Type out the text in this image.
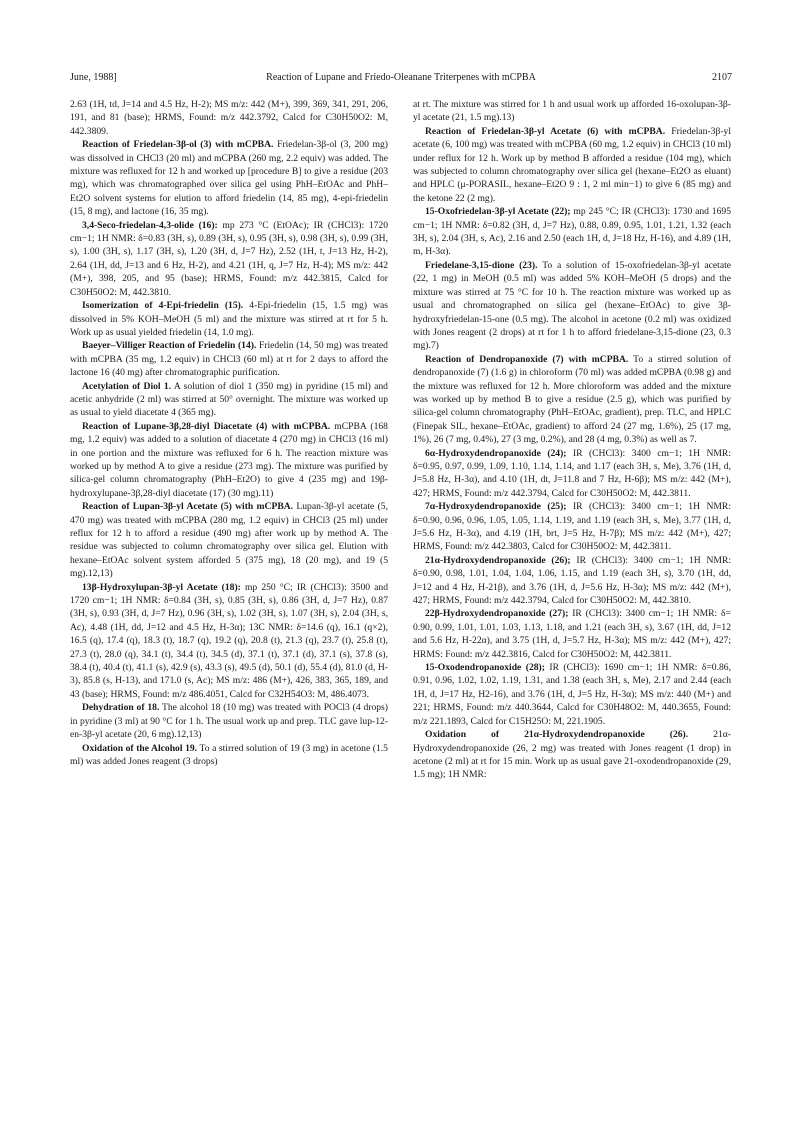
June, 1988]	Reaction of Lupane and Friedo-Oleanane Triterpenes with mCPBA	2107

2.63 (1H, td, J=14 and 4.5 Hz, H-2); MS m/z: 442 (M+), 399, 369, 341, 291, 206, 191, and 81 (base); HRMS, Found: m/z 442.3792, Calcd for C30H50O2: M, 442.3809.

Reaction of Friedelan-3β-ol (3) with mCPBA. Friedelan-3β-ol (3, 200 mg) was dissolved in CHCl3 (20 ml) and mCPBA (260 mg, 2.2 equiv) was added. The mixture was refluxed for 12 h and worked up [procedure B] to give a residue (203 mg), which was chromatographed over silica gel using PhH–EtOAc and PhH–Et2O solvent systems for elution to afford friedelin (14, 85 mg), 4-epi-friedelin (15, 8 mg), and lactone (16, 35 mg).

3,4-Seco-friedelan-4,3-olide (16): mp 273 °C (EtOAc); IR (CHCl3): 1720 cm−1; 1H NMR: δ=0.83 (3H, s), 0.89 (3H, s), 0.95 (3H, s), 0.98 (3H, s), 0.99 (3H, s), 1.00 (3H, s), 1.17 (3H, s), 1.20 (3H, d, J=7 Hz), 2.52 (1H, t, J=13 Hz, H-2), 2.64 (1H, dd, J=13 and 6 Hz, H-2), and 4.21 (1H, q, J=7 Hz, H-4); MS m/z: 442 (M+), 398, 205, and 95 (base); HRMS, Found: m/z 442.3815, Calcd for C30H50O2: M, 442.3810.

Isomerization of 4-Epi-friedelin (15). 4-Epi-friedelin (15, 1.5 mg) was dissolved in 5% KOH–MeOH (5 ml) and the mixture was stirred at rt for 5 h. Work up as usual yielded friedelin (14, 1.0 mg).

Baeyer–Villiger Reaction of Friedelin (14). Friedelin (14, 50 mg) was treated with mCPBA (35 mg, 1.2 equiv) in CHCl3 (60 ml) at rt for 2 days to afford the lactone 16 (40 mg) after chromatographic purification.

Acetylation of Diol 1. A solution of diol 1 (350 mg) in pyridine (15 ml) and acetic anhydride (2 ml) was stirred at 50° overnight. The mixture was worked up as usual to yield diacetate 4 (365 mg).

Reaction of Lupane-3β,28-diyl Diacetate (4) with mCPBA. mCPBA (168 mg, 1.2 equiv) was added to a solution of diacetate 4 (270 mg) in CHCl3 (16 ml) in one portion and the mixture was refluxed for 6 h. The reaction mixture was worked up by method A to give a residue (273 mg). The mixture was purified by silica-gel column chromatography (PhH–Et2O) to give 4 (235 mg) and 19β-hydroxylupane-3β,28-diyl diacetate (17) (30 mg).11)

Reaction of Lupan-3β-yl Acetate (5) with mCPBA. Lupan-3β-yl acetate (5, 470 mg) was treated with mCPBA (280 mg, 1.2 equiv) in CHCl3 (25 ml) under reflux for 12 h to afford a residue (490 mg) after work up by method A. The residue was subjected to column chromatography over silica gel. Elution with hexane–EtOAc solvent system afforded 5 (375 mg), 18 (20 mg), and 19 (5 mg).12,13)

13β-Hydroxylupan-3β-yl Acetate (18): mp 250 °C; IR (CHCl3): 3500 and 1720 cm−1; 1H NMR: δ=0.84 (3H, s), 0.85 (3H, s), 0.86 (3H, d, J=7 Hz), 0.87 (3H, s), 0.93 (3H, d, J=7 Hz), 0.96 (3H, s), 1.02 (3H, s), 1.07 (3H, s), 2.04 (3H, s, Ac), 4.48 (1H, dd, J=12 and 4.5 Hz, H-3α); 13C NMR: δ=14.6 (q), 16.1 (q×2), 16.5 (q), 17.4 (q), 18.3 (t), 18.7 (q), 19.2 (q), 20.8 (t), 21.3 (q), 23.7 (t), 25.8 (t), 27.3 (t), 28.0 (q), 34.1 (t), 34.4 (t), 34.5 (d), 37.1 (t), 37.1 (d), 37.1 (s), 37.8 (s), 38.4 (t), 40.4 (t), 41.1 (s), 42.9 (s), 43.3 (s), 49.5 (d), 50.1 (d), 55.4 (d), 81.0 (d, H-3), 85.8 (s, H-13), and 171.0 (s, Ac); MS m/z: 486 (M+), 426, 383, 365, 189, and 43 (base); HRMS, Found: m/z 486.4051, Calcd for C32H54O3: M, 486.4073.

Dehydration of 18. The alcohol 18 (10 mg) was treated with POCl3 (4 drops) in pyridine (3 ml) at 90 °C for 1 h. The usual work up and prep. TLC gave lup-12-en-3β-yl acetate (20, 6 mg).12,13)

Oxidation of the Alcohol 19. To a stirred solution of 19 (3 mg) in acetone (1.5 ml) was added Jones reagent (3 drops)

at rt. The mixture was stirred for 1 h and usual work up afforded 16-oxolupan-3β-yl acetate (21, 1.5 mg).13)

Reaction of Friedelan-3β-yl Acetate (6) with mCPBA. Friedelan-3β-yl acetate (6, 100 mg) was treated with mCPBA (60 mg, 1.2 equiv) in CHCl3 (10 ml) under reflux for 12 h. Work up by method B afforded a residue (104 mg), which was subjected to column chromatography over silica gel (hexane–Et2O as eluant) and HPLC (μ-PORASIL, hexane–Et2O 9 : 1, 2 ml min−1) to give 6 (85 mg) and the ketone 22 (2 mg).

15-Oxofriedelan-3β-yl Acetate (22); mp 245 °C; IR (CHCl3): 1730 and 1695 cm−1; 1H NMR: δ=0.82 (3H, d, J=7 Hz), 0.88, 0.89, 0.95, 1.01, 1.21, 1.32 (each 3H, s), 2.04 (3H, s, Ac), 2.16 and 2.50 (each 1H, d, J=18 Hz, H-16), and 4.89 (1H, m, H-3α).

Friedelane-3,15-dione (23). To a solution of 15-oxofriedelan-3β-yl acetate (22, 1 mg) in MeOH (0.5 ml) was added 5% KOH–MeOH (5 drops) and the mixture was stirred at 75 °C for 10 h. The reaction mixture was worked up as usual and chromatographed on silica gel (hexane–EtOAc) to give 3β-hydroxyfriedelan-15-one (0.5 mg). The alcohol in acetone (0.2 ml) was oxidized with Jones reagent (2 drops) at rt for 1 h to afford friedelane-3,15-dione (23, 0.3 mg).7)

Reaction of Dendropanoxide (7) with mCPBA. To a stirred solution of dendropanoxide (7) (1.6 g) in chloroform (70 ml) was added mCPBA (0.98 g) and the mixture was refluxed for 12 h. More chloroform was added and the mixture was worked up by method B to give a residue (2.5 g), which was purified by silica-gel column chromatography (PhH–EtOAc, gradient), prep. TLC, and HPLC (Finepak SIL, hexane–EtOAc, gradient) to afford 24 (27 mg, 1.6%), 25 (17 mg, 1%), 26 (7 mg, 0.4%), 27 (3 mg, 0.2%), and 28 (4 mg, 0.3%) as well as 7.

6α-Hydroxydendropanoxide (24); IR (CHCl3): 3400 cm−1; 1H NMR: δ=0.95, 0.97, 0.99, 1.09, 1.10, 1.14, 1.14, and 1.17 (each 3H, s, Me), 3.76 (1H, d, J=5.8 Hz, H-3α), and 4.10 (1H, dt, J=11.8 and 7 Hz, H-6β); MS m/z: 442 (M+), 427; HRMS, Found: m/z 442.3794, Calcd for C30H50O2: M, 442.3811.

7α-Hydroxydendropanoxide (25); IR (CHCl3): 3400 cm−1; 1H NMR: δ=0.90, 0.96, 0.96, 1.05, 1.05, 1.14, 1.19, and 1.19 (each 3H, s, Me), 3.77 (1H, d, J=5.6 Hz, H-3α), and 4.19 (1H, brt, J=5 Hz, H-7β); MS m/z: 442 (M+), 427; HRMS, Found: m/z 442.3803, Calcd for C30H50O2: M, 442.3811.

21α-Hydroxydendropanoxide (26); IR (CHCl3): 3400 cm−1; 1H NMR: δ=0.90, 0.98, 1.01, 1.04, 1.04, 1.06, 1.15, and 1.19 (each 3H, s), 3.70 (1H, dd, J=12 and 4 Hz, H-21β), and 3.76 (1H, d, J=5.6 Hz, H-3α); MS m/z: 442 (M+), 427; HRMS, Found: m/z 442.3794, Calcd for C30H50O2: M, 442.3810.

22β-Hydroxydendropanoxide (27); IR (CHCl3): 3400 cm−1; 1H NMR: δ= 0.90, 0.99, 1.01, 1.01, 1.03, 1.13, 1.18, and 1.21 (each 3H, s), 3.67 (1H, dd, J=12 and 5.6 Hz, H-22α), and 3.75 (1H, d, J=5.7 Hz, H-3α); MS m/z: 442 (M+), 427; HRMS: Found: m/z 442.3816, Calcd for C30H50O2: M, 442.3811.

15-Oxodendropanoxide (28); IR (CHCl3): 1690 cm−1; 1H NMR: δ=0.86, 0.91, 0.96, 1.02, 1.02, 1.19, 1.31, and 1.38 (each 3H, s, Me), 2.17 and 2.44 (each 1H, d, J=17 Hz, H2-16), and 3.76 (1H, d, J=5 Hz, H-3α); MS m/z: 440 (M+) and 221; HRMS, Found: m/z 440.3644, Calcd for C30H48O2: M, 440.3655, Found: m/z 221.1893, Calcd for C15H25O: M, 221.1905.

Oxidation of 21α-Hydroxydendropanoxide (26).	21α-Hydroxydendropanoxide (26, 2 mg) was treated with Jones reagent (1 drop) in acetone (2 ml) at rt for 15 min. Work up as usual gave 21-oxodendropanoxide (29, 1.5 mg); 1H NMR:
